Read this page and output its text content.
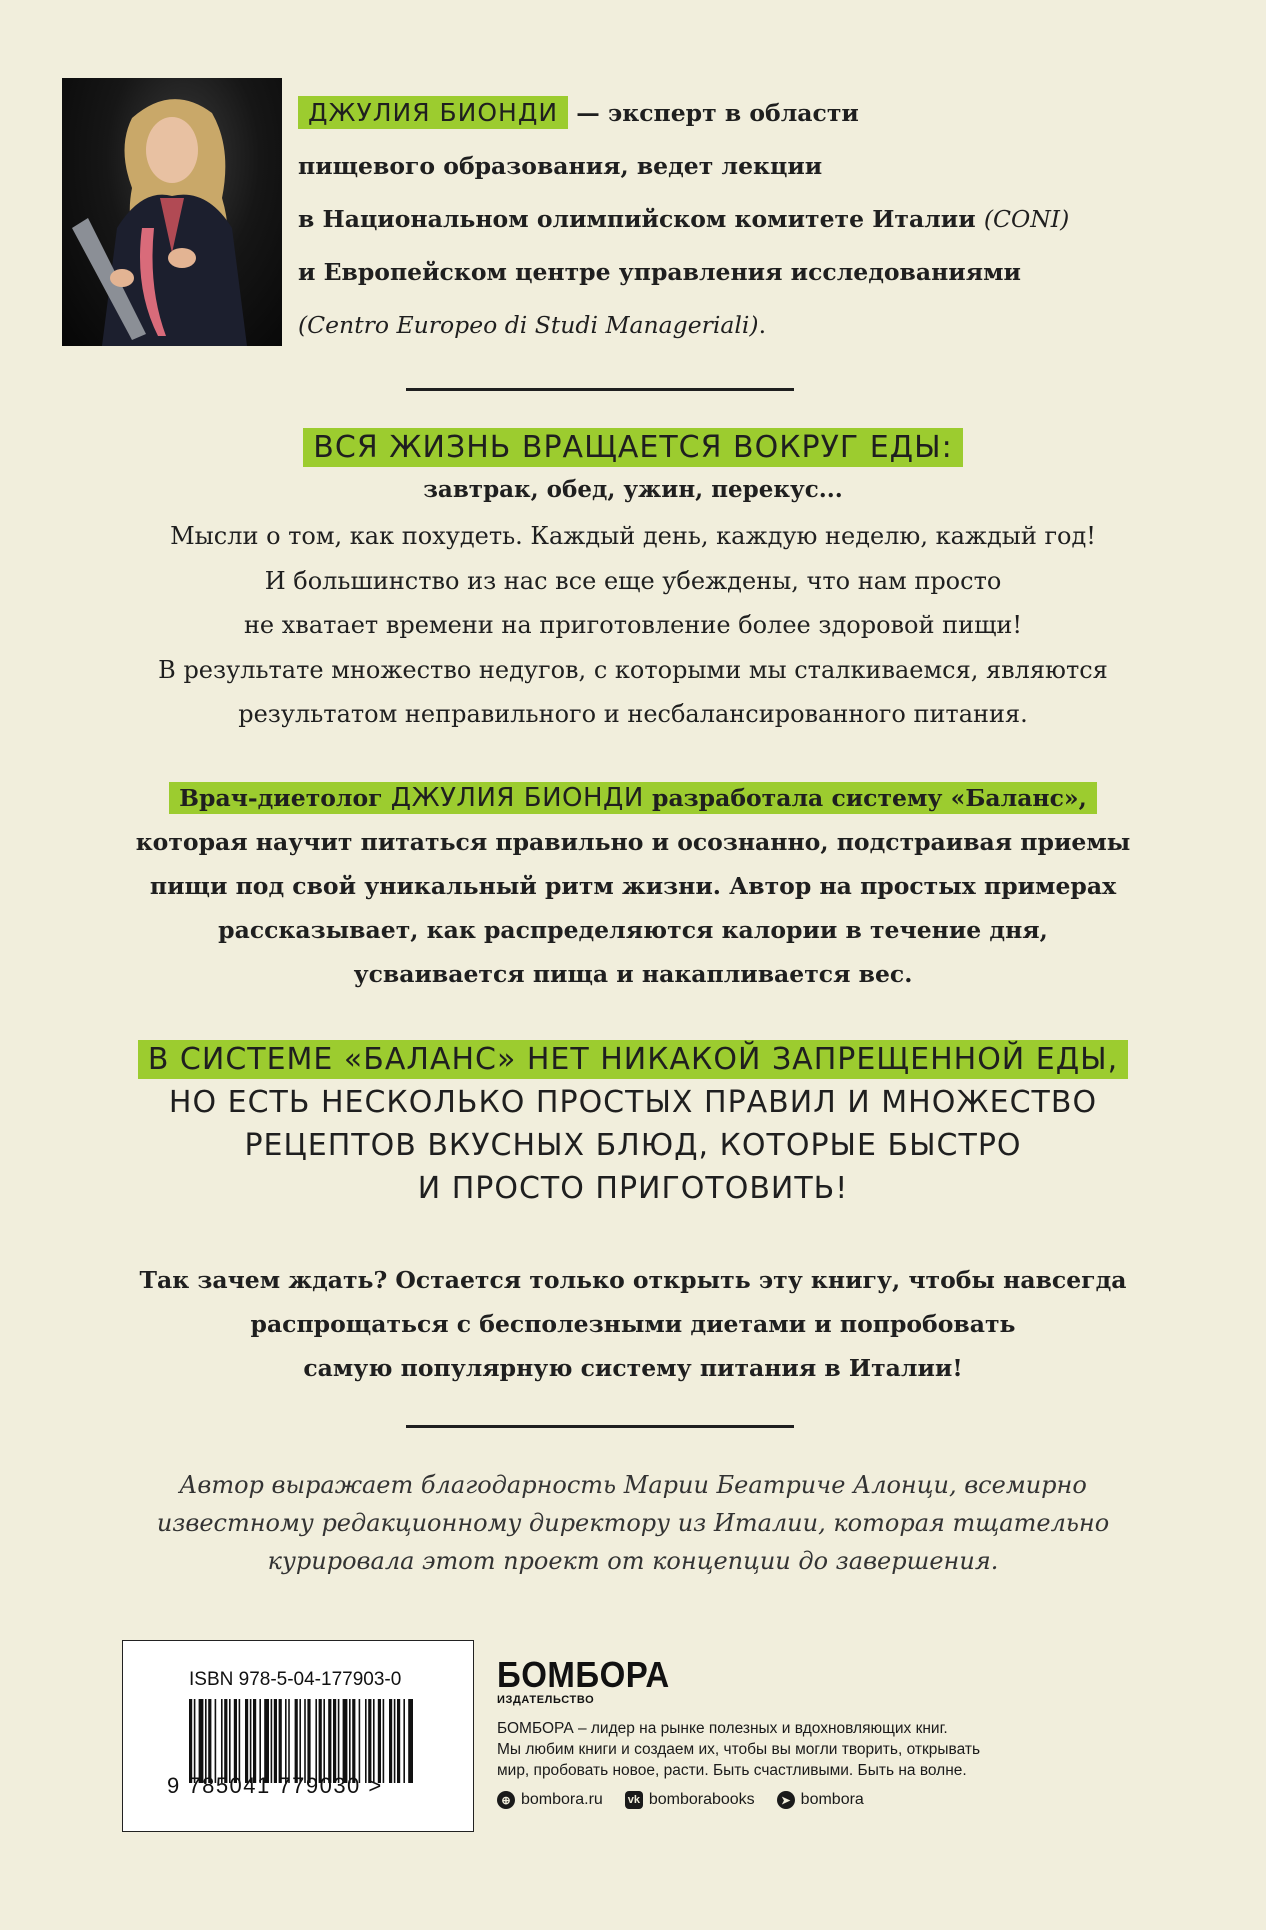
ДЖУЛИЯ БИОНДИ — эксперт в области
пищевого образования, ведет лекции
в Национальном олимпийском комитете Италии (CONI)
и Европейском центре управления исследованиями
(Centro Europeo di Studi Manageriali).
ВСЯ ЖИЗНЬ ВРАЩАЕТСЯ ВОКРУГ ЕДЫ:
завтрак, обед, ужин, перекус...
Мысли о том, как похудеть. Каждый день, каждую неделю, каждый год!
И большинство из нас все еще убеждены, что нам просто
не хватает времени на приготовление более здоровой пищи!
В результате множество недугов, с которыми мы сталкиваемся, являются
результатом неправильного и несбалансированного питания.
Врач-диетолог ДЖУЛИЯ БИОНДИ разработала систему «Баланс»,
которая научит питаться правильно и осознанно, подстраивая приемы
пищи под свой уникальный ритм жизни. Автор на простых примерах
рассказывает, как распределяются калории в течение дня,
усваивается пища и накапливается вес.
В СИСТЕМЕ «БАЛАНС» НЕТ НИКАКОЙ ЗАПРЕЩЕННОЙ ЕДЫ,
НО ЕСТЬ НЕСКОЛЬКО ПРОСТЫХ ПРАВИЛ И МНОЖЕСТВО
РЕЦЕПТОВ ВКУСНЫХ БЛЮД, КОТОРЫЕ БЫСТРО
И ПРОСТО ПРИГОТОВИТЬ!
Так зачем ждать? Остается только открыть эту книгу, чтобы навсегда
распрощаться с бесполезными диетами и попробовать
самую популярную систему питания в Италии!
Автор выражает благодарность Марии Беатриче Алонци, всемирно
известному редакционному директору из Италии, которая тщательно
курировала этот проект от концепции до завершения.
ISBN 978-5-04-177903-0
9 785041 779030 >
БОМБОРА
ИЗДАТЕЛЬСТВО
БОМБОРА – лидер на рынке полезных и вдохновляющих книг.
Мы любим книги и создаем их, чтобы вы могли творить, открывать
мир, пробовать новое, расти. Быть счастливыми. Быть на волне.
⊕ bombora.ru vk bomborabooks	➤ bombora
